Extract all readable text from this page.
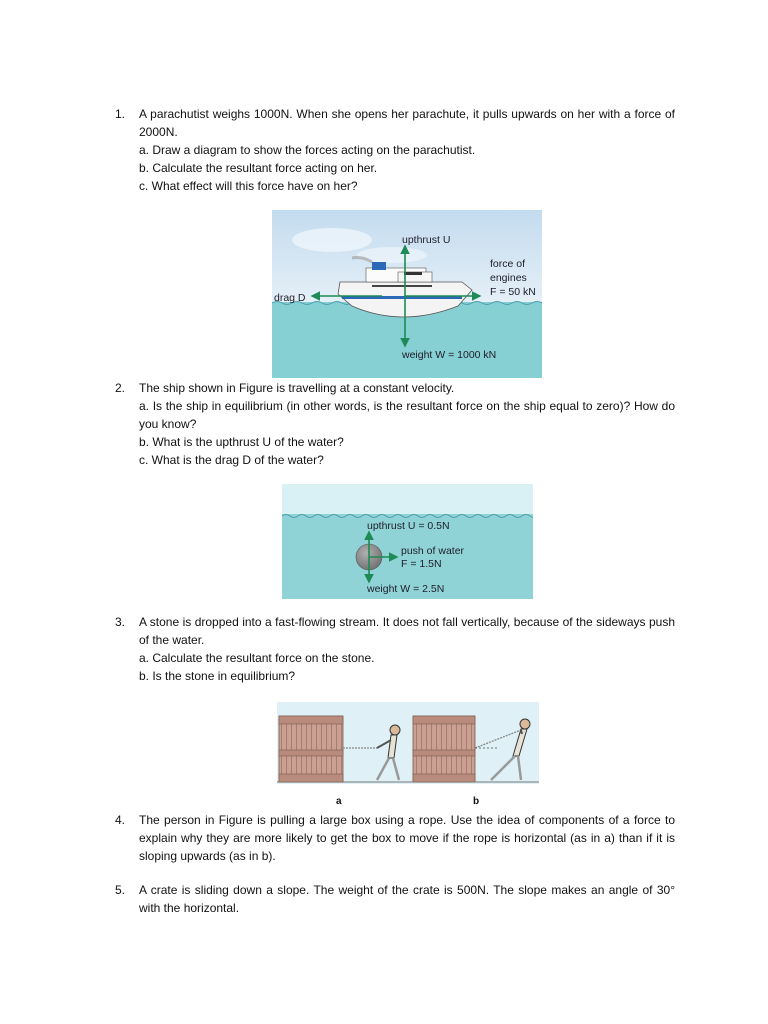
1. A parachutist weighs 1000N. When she opens her parachute, it pulls upwards on her with a force of 2000N.
a. Draw a diagram to show the forces acting on the parachutist.
b. Calculate the resultant force acting on her.
c. What effect will this force have on her?
upthrust U
force of
engines
F = 50 kN
drag D
weight W = 1000 kN
2. The ship shown in Figure is travelling at a constant velocity.
a. Is the ship in equilibrium (in other words, is the resultant force on the ship equal to zero)? How do you know?
b. What is the upthrust U of the water?
c. What is the drag D of the water?
upthrust U = 0.5N
push of water
F = 1.5N
weight W = 2.5N
3. A stone is dropped into a fast-flowing stream. It does not fall vertically, because of the sideways push of the water.
a. Calculate the resultant force on the stone.
b. Is the stone in equilibrium?
a	b
4. The person in Figure is pulling a large box using a rope. Use the idea of components of a force to explain why they are more likely to get the box to move if the rope is horizontal (as in a) than if it is sloping upwards (as in b).
5. A crate is sliding down a slope. The weight of the crate is 500N. The slope makes an angle of 30° with the horizontal.
